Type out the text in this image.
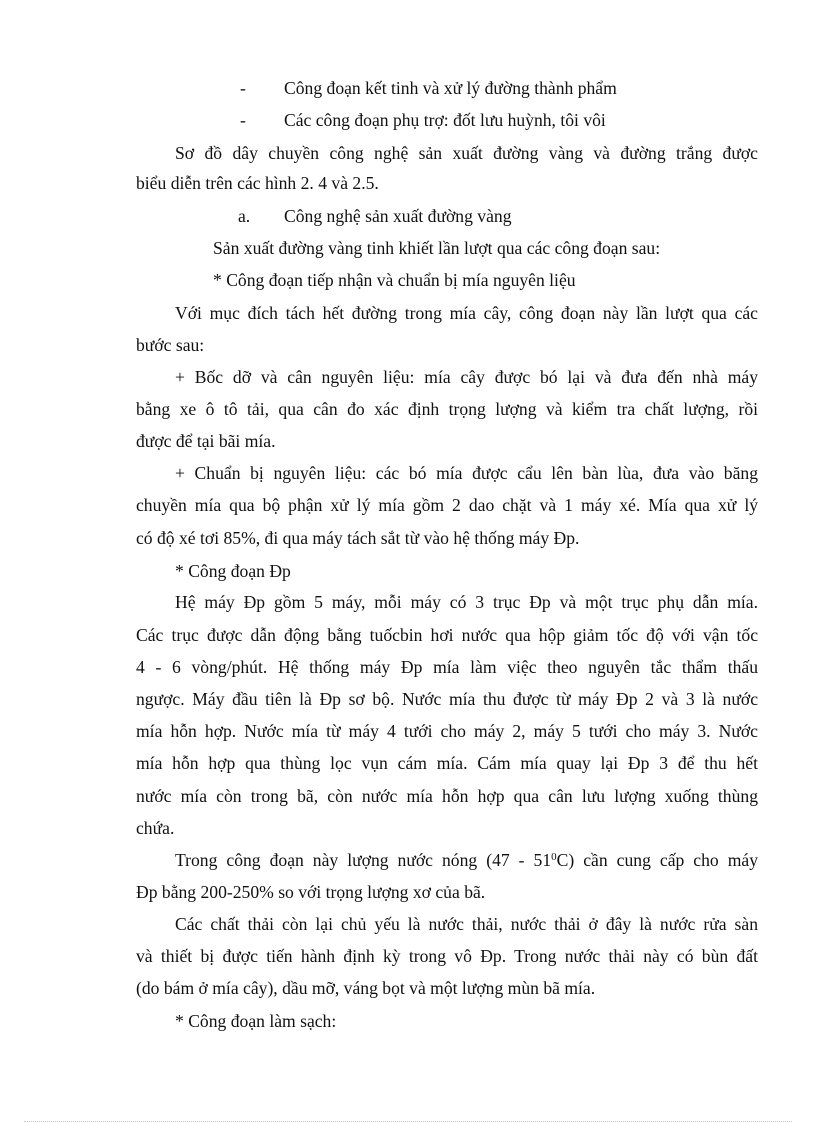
- Công đoạn kết tinh và xử lý đường thành phẩm
- Các công đoạn phụ trợ: đốt lưu huỳnh, tôi vôi
Sơ đồ dây chuyền công nghệ sản xuất đường vàng và đường trắng được
biểu diễn trên các hình 2. 4 và 2.5.
a. Công nghệ sản xuất đường vàng
Sản xuất đường vàng tinh khiết lần lượt qua các công đoạn sau:
* Công đoạn tiếp nhận và chuẩn bị mía nguyên liệu
Với mục đích tách hết đường trong mía cây, công đoạn này lần lượt qua các
bước sau:
+ Bốc dỡ và cân nguyên liệu: mía cây được bó lại và đưa đến nhà máy
bằng xe ô tô tải, qua cân đo xác định trọng lượng và kiểm tra chất lượng, rồi
được để tại bãi mía.
+ Chuẩn bị nguyên liệu: các bó mía được cẩu lên bàn lùa, đưa vào băng
chuyền mía qua bộ phận xử lý mía gồm 2 dao chặt và 1 máy xé. Mía qua xử lý
có độ xé tơi 85%, đi qua máy tách sắt từ vào hệ thống máy Ðp.
* Công đoạn Ðp
Hệ máy Ðp gồm 5 máy, mỗi máy có 3 trục Ðp và một trục phụ dẫn mía.
Các trục được dẫn động bằng tuốcbin hơi nước qua hộp giảm tốc độ với vận tốc
4 - 6 vòng/phút. Hệ thống máy Ðp mía làm việc theo nguyên tắc thẩm thấu
ngược. Máy đầu tiên là Ðp sơ bộ. Nước mía thu được từ máy Ðp 2 và 3 là nước
mía hỗn hợp. Nước mía từ máy 4 tưới cho máy 2, máy 5 tưới cho máy 3. Nước
mía hỗn hợp qua thùng lọc vụn cám mía. Cám mía quay lại Ðp 3 để thu hết
nước mía còn trong bã, còn nước mía hỗn hợp qua cân lưu lượng xuống thùng
chứa.
Trong công đoạn này lượng nước nóng $(47 - 51^0C)$ cần cung cấp cho máy
Ðp bằng 200-250% so với trọng lượng xơ của bã.
Các chất thải còn lại chủ yếu là nước thải, nước thải ở đây là nước rửa sàn
và thiết bị được tiến hành định kỳ trong vô Ðp. Trong nước thải này có bùn đất
(do bám ở mía cây), dầu mỡ, váng bọt và một lượng mùn bã mía.
* Công đoạn làm sạch:
